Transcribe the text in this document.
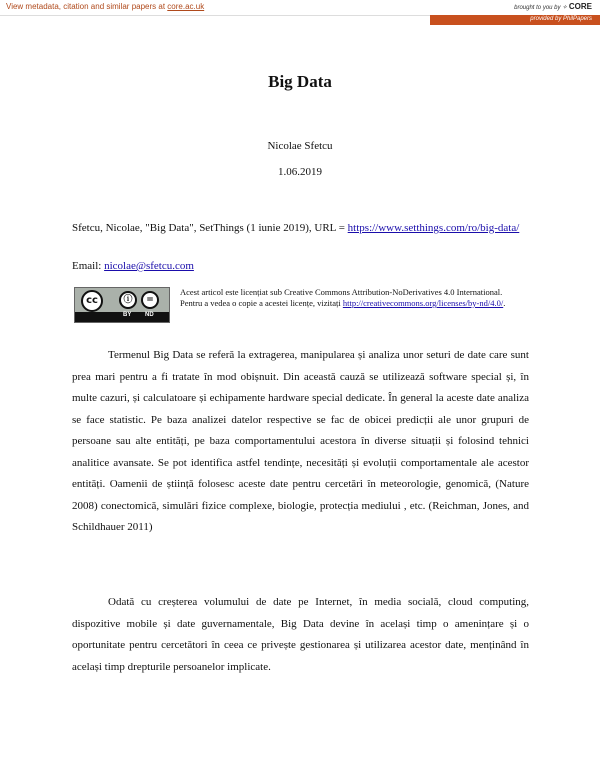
View metadata, citation and similar papers at core.ac.uk	brought to you by ✧ CORE
provided by PhilPapers
Big Data
Nicolae Sfetcu
1.06.2019
Sfetcu, Nicolae, "Big Data", SetThings (1 iunie 2019), URL = https://www.setthings.com/ro/big-data/
Email: nicolae@sfetcu.com
cc	ⓘ	=
BY ND
Acest articol este licențiat sub Creative Commons Attribution-NoDerivatives 4.0 International. Pentru a vedea o copie a acestei licențe, vizitați http://creativecommons.org/licenses/by-nd/4.0/.

Termenul Big Data se referă la extragerea, manipularea și analiza unor seturi de date care sunt prea mari pentru a fi tratate în mod obișnuit. Din această cauză se utilizează software special și, în multe cazuri, și calculatoare și echipamente hardware special dedicate. În general la aceste date analiza se face statistic. Pe baza analizei datelor respective se fac de obicei predicții ale unor grupuri de persoane sau alte entități, pe baza comportamentului acestora în diverse situații și folosind tehnici analitice avansate. Se pot identifica astfel tendințe, necesități și evoluții comportamentale ale acestor entități. Oamenii de știință folosesc aceste date pentru cercetări în meteorologie, genomică, (Nature 2008) conectomică, simulări fizice complexe, biologie, protecția mediului , etc. (Reichman, Jones, and Schildhauer 2011)

Odată cu creșterea volumului de date pe Internet, în media socială, cloud computing, dispozitive mobile și date guvernamentale, Big Data devine în același timp o amenințare și o oportunitate pentru cercetători în ceea ce privește gestionarea și utilizarea acestor date, menținând în același timp drepturile persoanelor implicate.
